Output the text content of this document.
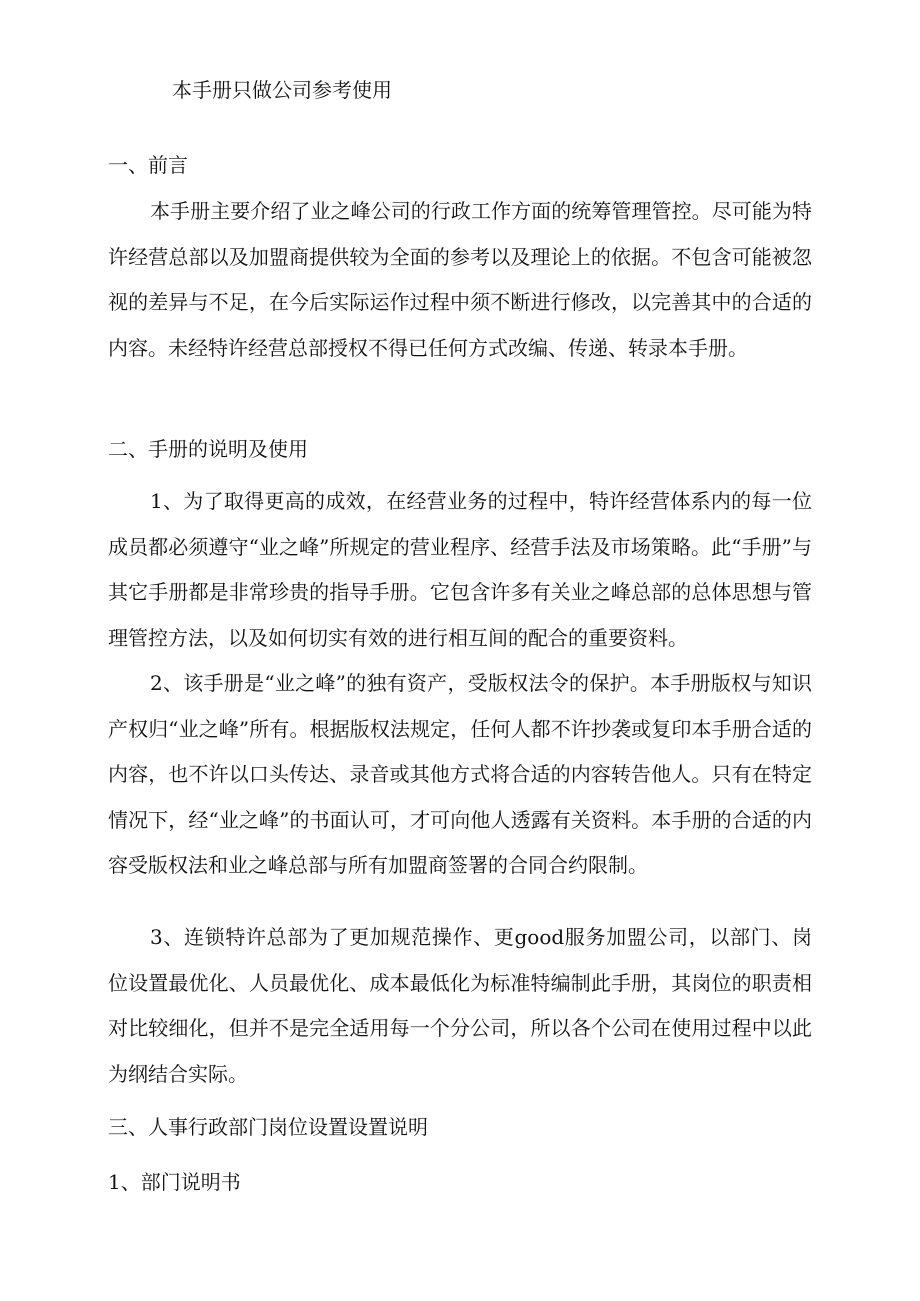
本手册只做公司参考使用
一、前言

本手册主要介绍了业之峰公司的行政工作方面的统筹管理管控。尽可能为特许经营总部以及加盟商提供较为全面的参考以及理论上的依据。不包含可能被忽视的差异与不足，在今后实际运作过程中须不断进行修改，以完善其中的合适的内容。未经特许经营总部授权不得已任何方式改编、传递、转录本手册。

二、手册的说明及使用

1、为了取得更高的成效，在经营业务的过程中，特许经营体系内的每一位成员都必须遵守“业之峰”所规定的营业程序、经营手法及市场策略。此“手册”与其它手册都是非常珍贵的指导手册。它包含许多有关业之峰总部的总体思想与管理管控方法，以及如何切实有效的进行相互间的配合的重要资料。

2、该手册是“业之峰”的独有资产，受版权法令的保护。本手册版权与知识产权归“业之峰”所有。根据版权法规定，任何人都不许抄袭或复印本手册合适的内容，也不许以口头传达、录音或其他方式将合适的内容转告他人。只有在特定情况下，经“业之峰”的书面认可，才可向他人透露有关资料。本手册的合适的内容受版权法和业之峰总部与所有加盟商签署的合同合约限制。

3、连锁特许总部为了更加规范操作、更good服务加盟公司，以部门、岗位设置最优化、人员最优化、成本最低化为标准特编制此手册，其岗位的职责相对比较细化，但并不是完全适用每一个分公司，所以各个公司在使用过程中以此为纲结合实际。

三、人事行政部门岗位设置设置说明
1、部门说明书
